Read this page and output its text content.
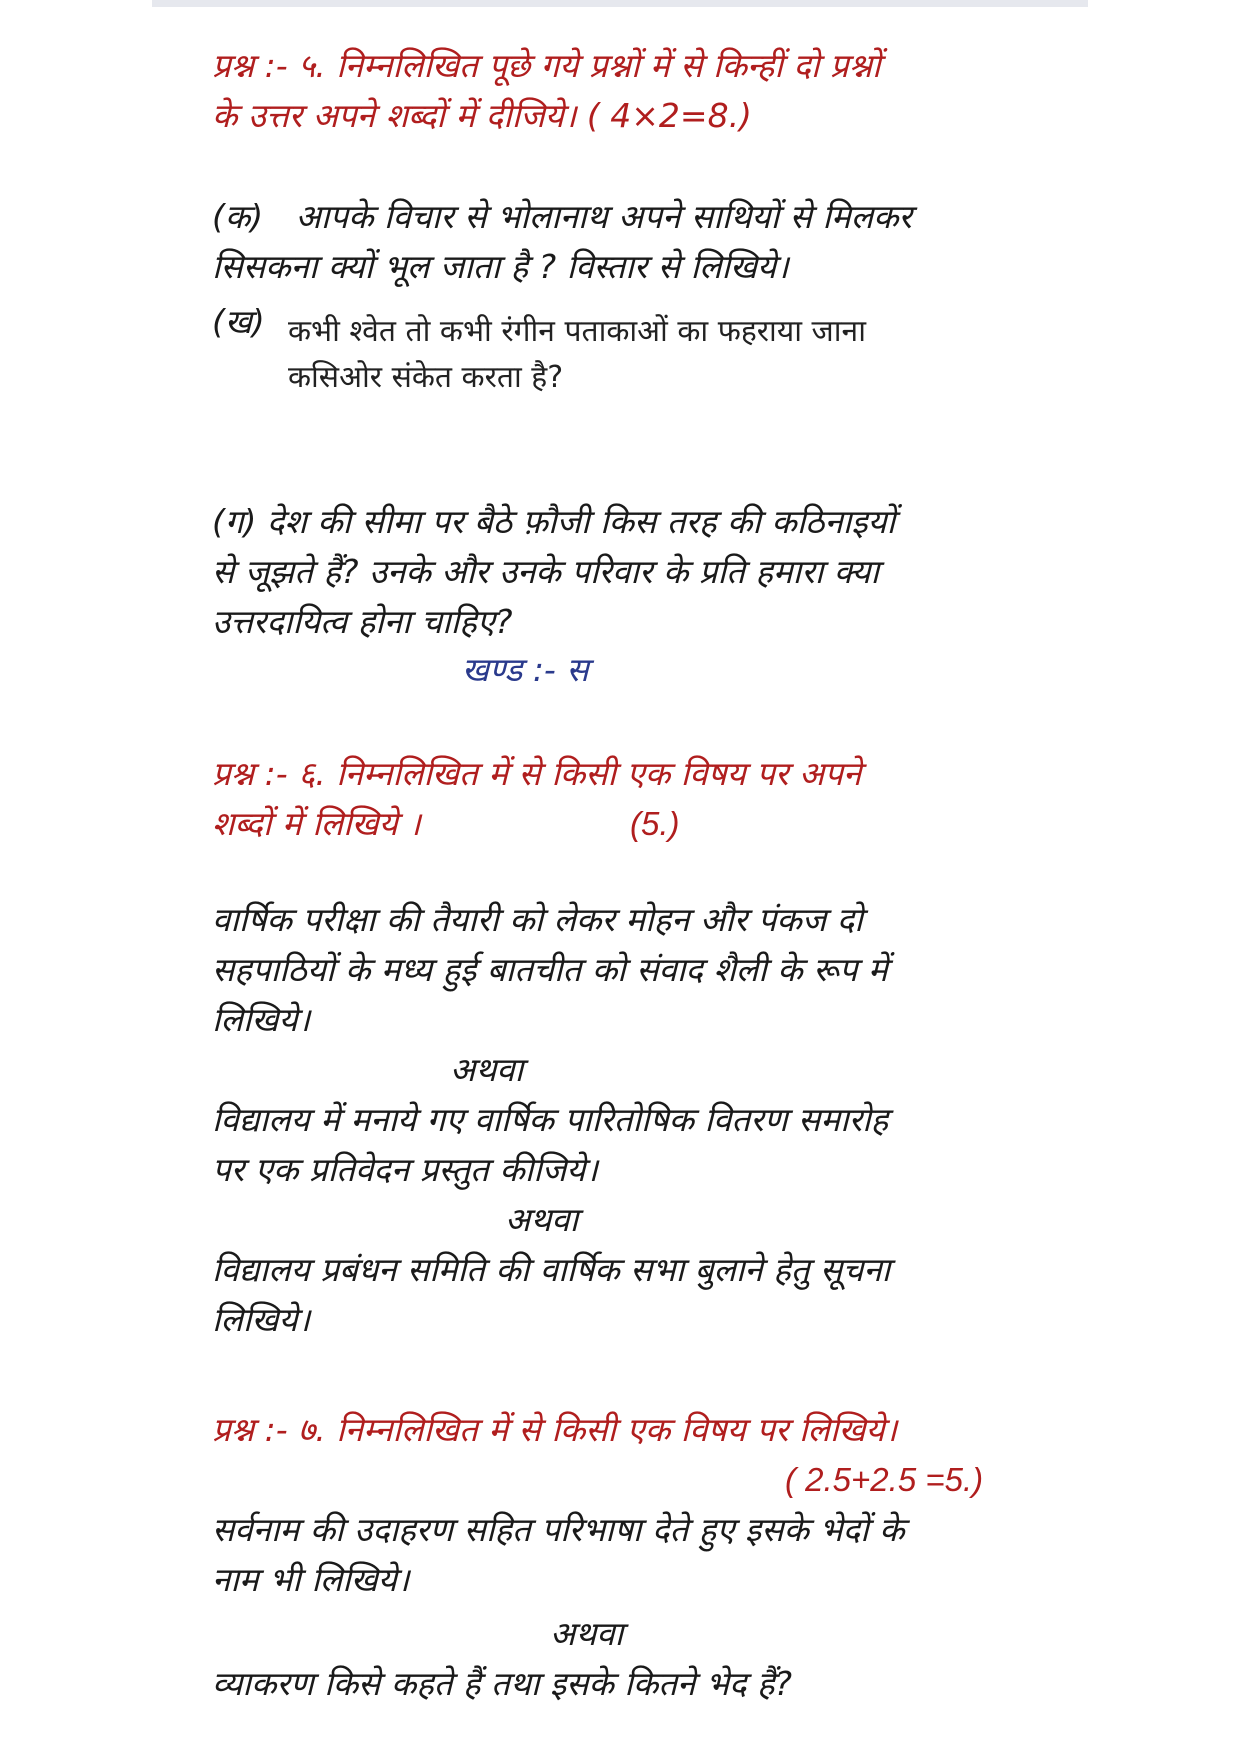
प्रश्न :- ५. निम्नलिखित पूछे गये प्रश्नों में से किन्हीं दो प्रश्नों
के उत्तर अपने शब्दों में दीजिये। ( 4×2=8.)
(क) आपके विचार से भोलानाथ अपने साथियों से मिलकर
सिसकना क्यों भूल जाता है ? विस्तार से लिखिये।
(ख) कभी श्वेत तो कभी रंगीन पताकाओं का फहराया जाना
कसिओर संकेत करता है?
(ग) देश की सीमा पर बैठे फ़ौजी किस तरह की कठिनाइयों
से जूझते हैं? उनके और उनके परिवार के प्रति हमारा क्या
उत्तरदायित्व होना चाहिए?
खण्ड :- स
प्रश्न :- ६. निम्नलिखित में से किसी एक विषय पर अपने
शब्दों में लिखिये ।	(5.)
वार्षिक परीक्षा की तैयारी को लेकर मोहन और पंकज दो
सहपाठियों के मध्य हुई बातचीत को संवाद शैली के रूप में
लिखिये।
अथवा
विद्यालय में मनाये गए वार्षिक पारितोषिक वितरण समारोह
पर एक प्रतिवेदन प्रस्तुत कीजिये।
अथवा
विद्यालय प्रबंधन समिति की वार्षिक सभा बुलाने हेतु सूचना
लिखिये।
प्रश्न :- ७. निम्नलिखित में से किसी एक विषय पर लिखिये।
( 2.5+2.5 =5.)
सर्वनाम की उदाहरण सहित परिभाषा देते हुए इसके भेदों के
नाम भी लिखिये।
अथवा
व्याकरण किसे कहते हैं तथा इसके कितने भेद हैं?
